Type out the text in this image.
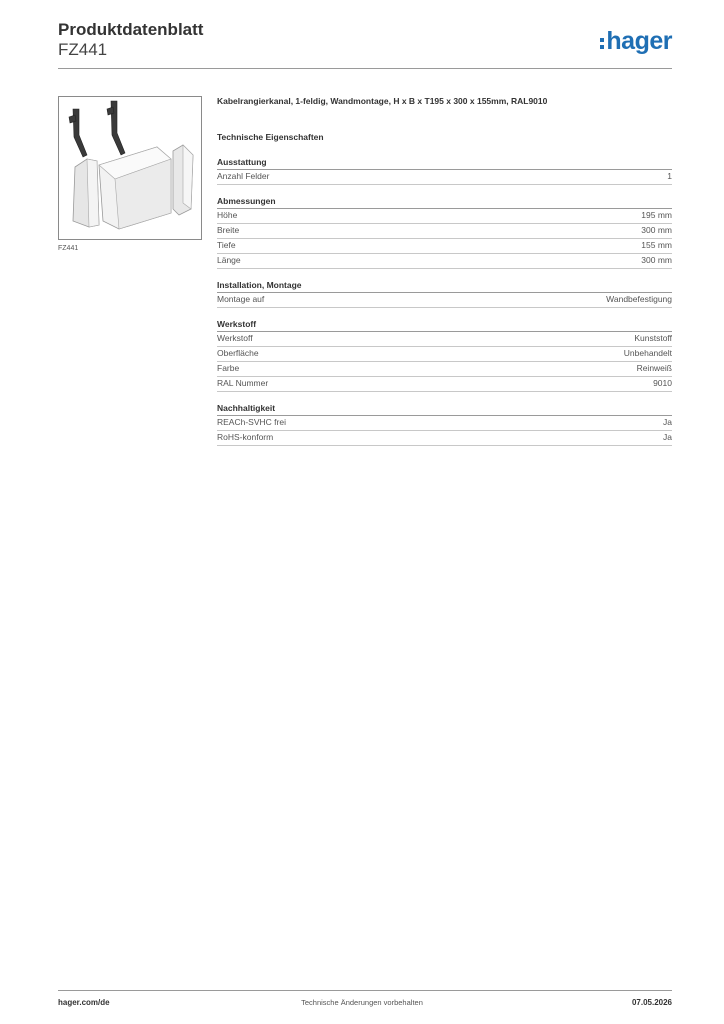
Produktdatenblatt
FZ441	hager
FZ441
Kabelrangierkanal, 1-feldig, Wandmontage, H x B x T195 x 300 x 155mm, RAL9010
Technische Eigenschaften
Ausstattung
Anzahl Felder	1
Abmessungen
Höhe	195 mm
Breite	300 mm
Tiefe	155 mm
Länge	300 mm
Installation, Montage
Montage auf	Wandbefestigung
Werkstoff
Werkstoff	Kunststoff
Oberfläche	Unbehandelt
Farbe	Reinweiß
RAL Nummer	9010
Nachhaltigkeit
REACh-SVHC frei	Ja
RoHS-konform	Ja
hager.com/de	Technische Änderungen vorbehalten	07.05.2026
